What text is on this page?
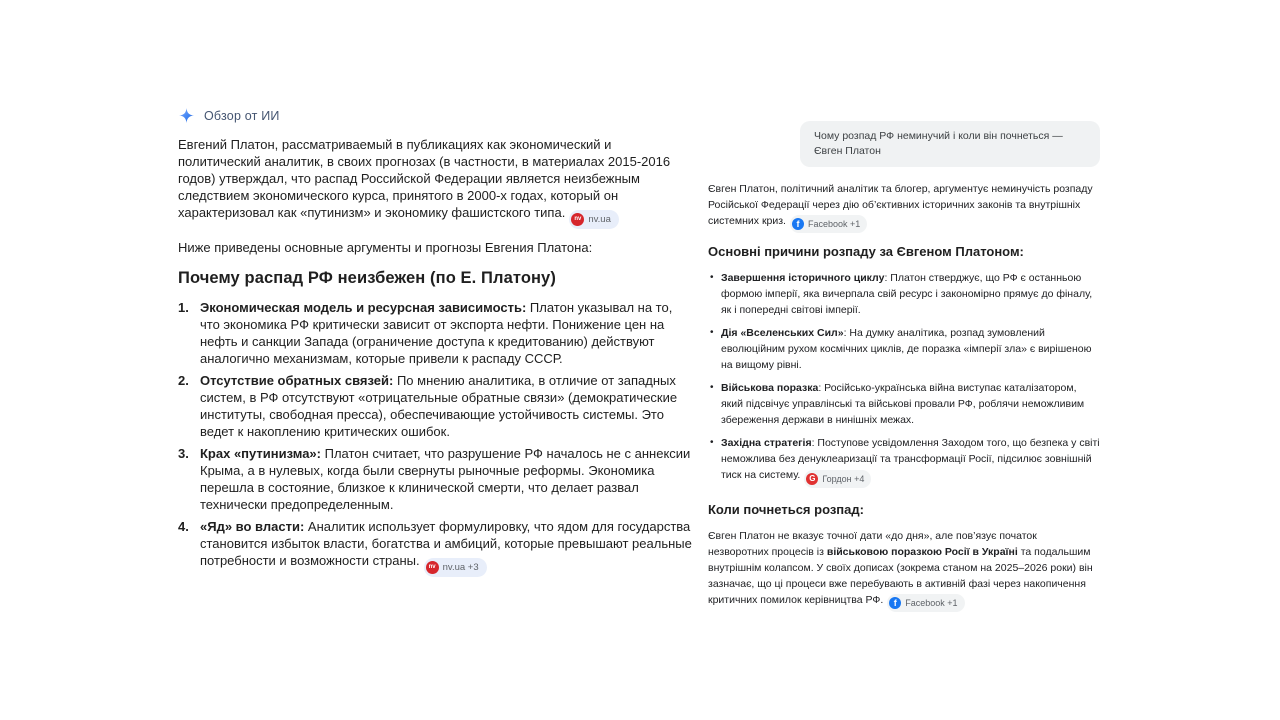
Обзор от ИИ

Евгений Платон, рассматриваемый в публикациях как экономический и политический аналитик, в своих прогнозах (в частности, в материалах 2015-2016 годов) утверждал, что распад Российской Федерации является неизбежным следствием экономического курса, принятого в 2000-х годах, который он характеризовал как «путинизм» и экономику фашистского типа.	nv nv.ua

Ниже приведены основные аргументы и прогнозы Евгения Платона:

Почему распад РФ неизбежен (по Е. Платону)
1. Экономическая модель и ресурсная зависимость: Платон указывал на то, что экономика РФ критически зависит от экспорта нефти. Понижение цен на нефть и санкции Запада (ограничение доступа к кредитованию) действуют аналогично механизмам, которые привели к распаду СССР.
2. Отсутствие обратных связей: По мнению аналитика, в отличие от западных систем, в РФ отсутствуют «отрицательные обратные связи» (демократические институты, свободная пресса), обеспечивающие устойчивость системы. Это ведет к накоплению критических ошибок.
3. Крах «путинизма»: Платон считает, что разрушение РФ началось не с аннексии Крыма, а в нулевых, когда были свернуты рыночные реформы. Экономика перешла в состояние, близкое к клинической смерти, что делает развал технически предопределенным.
4. «Яд» во власти: Аналитик использует формулировку, что ядом для государства становится избыток власти, богатства и амбиций, которые превышают реальные потребности и возможности страны.	nv nv.ua +3
Чому розпад РФ неминучий і коли він почнеться — Євген Платон

Євген Платон, політичний аналітик та блогер, аргументує неминучість розпаду Російської Федерації через дію об’єктивних історичних законів та внутрішніх системних криз.	f Facebook +1

Основні причини розпаду за Євгеном Платоном:
• Завершення історичного циклу: Платон стверджує, що РФ є останньою формою імперії, яка вичерпала свій ресурс і закономірно прямує до фіналу, як і попередні світові імперії.
• Дія «Вселенських Сил»: На думку аналітика, розпад зумовлений еволюційним рухом космічних циклів, де поразка «імперії зла» є вирішеною на вищому рівні.
• Військова поразка: Російсько-українська війна виступає каталізатором, який підсвічує управлінські та військові провали РФ, роблячи неможливим збереження держави в нинішніх межах.
• Західна стратегія: Поступове усвідомлення Заходом того, що безпека у світі неможлива без денуклеаризації та трансформації Росії, підсилює зовнішній тиск на систему.	G Гордон +4
Коли почнеться розпад:

Євген Платон не вказує точної дати «до дня», але пов’язує початок незворотних процесів із військовою поразкою Росії в Україні та подальшим внутрішнім колапсом. У своїх дописах (зокрема станом на 2025–2026 роки) він зазначає, що ці процеси вже перебувають в активній фазі через накопичення критичних помилок керівництва РФ.	f Facebook +1
